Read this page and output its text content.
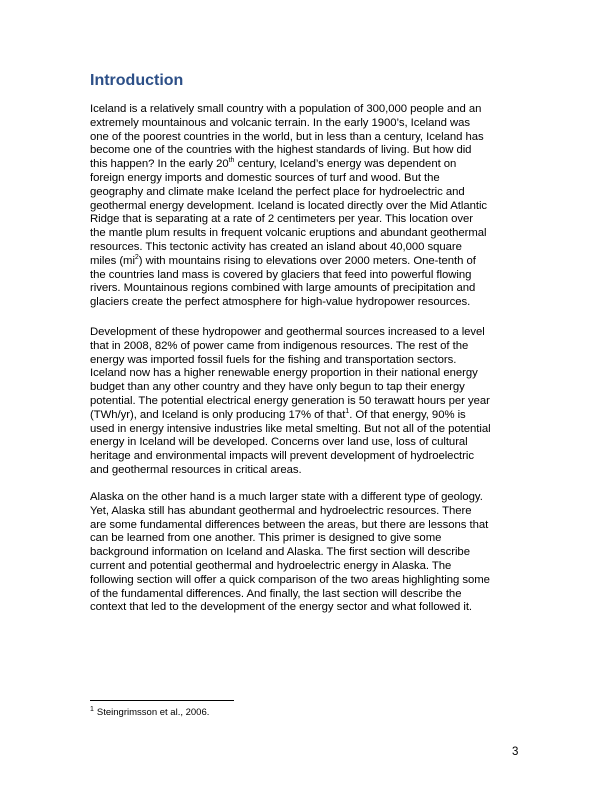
Introduction
Iceland is a relatively small country with a population of 300,000 people and an
extremely mountainous and volcanic terrain. In the early 1900’s, Iceland was
one of the poorest countries in the world, but in less than a century, Iceland has
become one of the countries with the highest standards of living. But how did
this happen? In the early 20th century, Iceland’s energy was dependent on
foreign energy imports and domestic sources of turf and wood. But the
geography and climate make Iceland the perfect place for hydroelectric and
geothermal energy development. Iceland is located directly over the Mid Atlantic
Ridge that is separating at a rate of 2 centimeters per year. This location over
the mantle plum results in frequent volcanic eruptions and abundant geothermal
resources. This tectonic activity has created an island about 40,000 square
miles $(mi^2)$ with mountains rising to elevations over 2000 meters. One-tenth of
the countries land mass is covered by glaciers that feed into powerful flowing
rivers. Mountainous regions combined with large amounts of precipitation and
glaciers create the perfect atmosphere for high-value hydropower resources.
Development of these hydropower and geothermal sources increased to a level
that in 2008, 82% of power came from indigenous resources. The rest of the
energy was imported fossil fuels for the fishing and transportation sectors.
Iceland now has a higher renewable energy proportion in their national energy
budget than any other country and they have only begun to tap their energy
potential. The potential electrical energy generation is 50 terawatt hours per year
(TWh/yr), and Iceland is only producing 17% of that$^1$. Of that energy, 90% is
used in energy intensive industries like metal smelting. But not all of the potential
energy in Iceland will be developed. Concerns over land use, loss of cultural
heritage and environmental impacts will prevent development of hydroelectric
and geothermal resources in critical areas.
Alaska on the other hand is a much larger state with a different type of geology.
Yet, Alaska still has abundant geothermal and hydroelectric resources. There
are some fundamental differences between the areas, but there are lessons that
can be learned from one another. This primer is designed to give some
background information on Iceland and Alaska. The first section will describe
current and potential geothermal and hydroelectric energy in Alaska. The
following section will offer a quick comparison of the two areas highlighting some
of the fundamental differences. And finally, the last section will describe the
context that led to the development of the energy sector and what followed it.
$^1$ Steingrimsson et al., 2006.
3
